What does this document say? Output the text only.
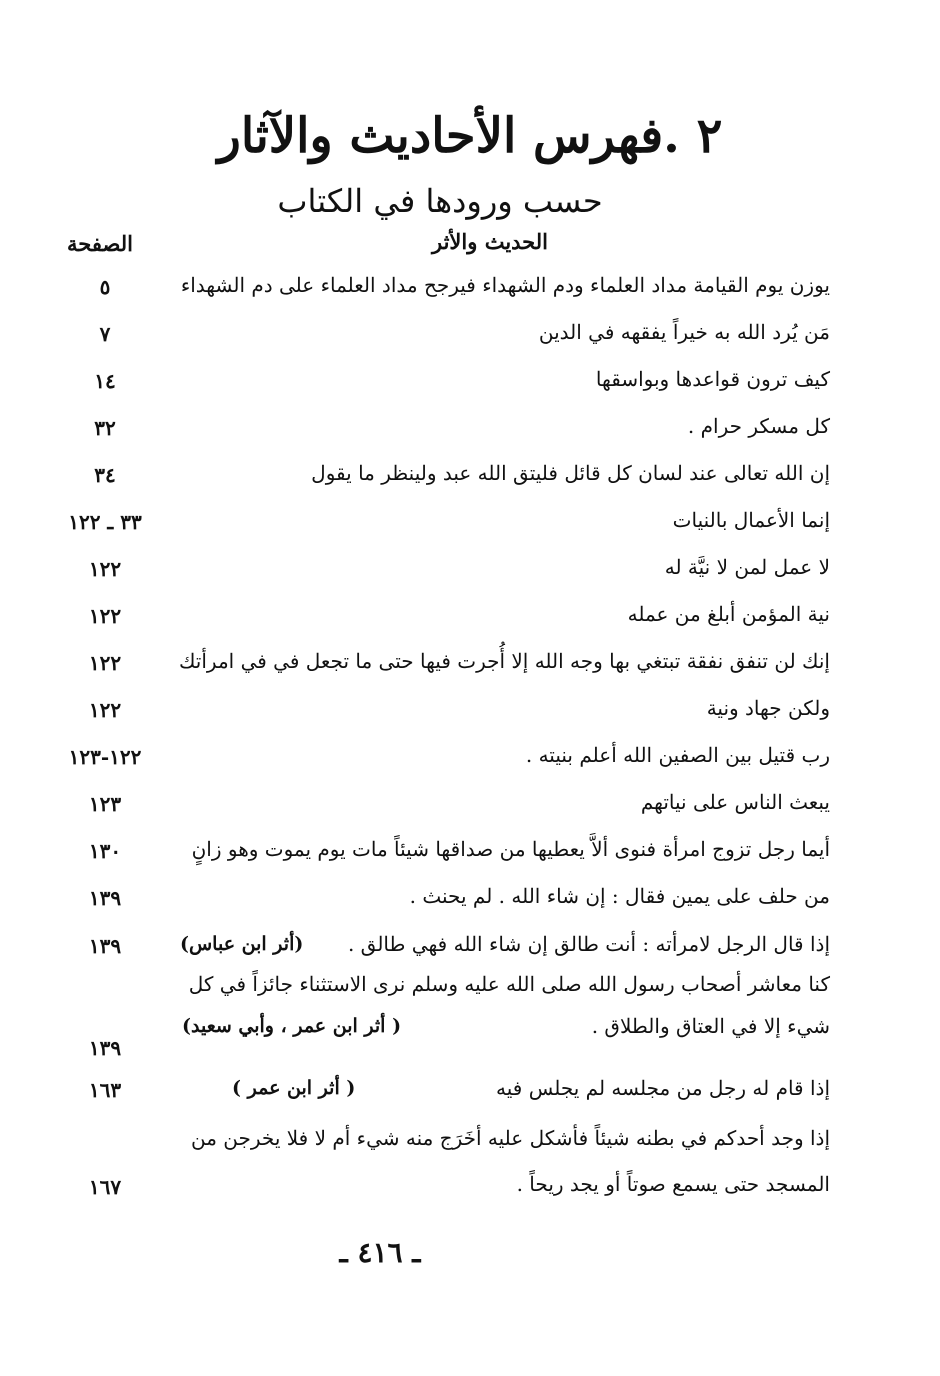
٢ .فهرس الأحاديث والآثار
حسب ورودها في الكتاب
الحديث والأثر
الصفحة
يوزن يوم القيامة مداد العلماء ودم الشهداء فيرجح مداد العلماء على دم الشهداء
٥
مَن يُرد الله به خيراً يفقهه في الدين
٧
كيف ترون قواعدها وبواسقها
١٤
كل مسكر حرام .
٣٢
إن الله تعالى عند لسان كل قائل فليتق الله عبد ولينظر ما يقول
٣٤
إنما الأعمال بالنيات
٣٣ ـ ١٢٢
لا عمل لمن لا نيَّة له
١٢٢
نية المؤمن أبلغ من عمله
١٢٢
إنك لن تنفق نفقة تبتغي بها وجه الله إلا أُجرت فيها حتى ما تجعل في في امرأتك
١٢٢
ولكن جهاد ونية
١٢٢
رب قتيل بين الصفين الله أعلم بنيته .
١٢٢-١٢٣
يبعث الناس على نياتهم
١٢٣
أيما رجل تزوج امرأة فنوى ألاَّ يعطيها من صداقها شيئاً مات يوم يموت وهو زانٍ
١٣٠
من حلف على يمين فقال : إن شاء الله . لم يحنث .
١٣٩
إذا قال الرجل لامرأته : أنت طالق إن شاء الله فهي طالق .
(أثر ابن عباس)
١٣٩
كنا معاشر أصحاب رسول الله صلى الله عليه وسلم نرى الاستثناء جائزاً في كل
شيء إلا في العتاق والطلاق .
( أثر ابن عمر ، وأبي سعيد)
١٣٩
إذا قام له رجل من مجلسه لم يجلس فيه
( أثر ابن عمر )
١٦٣
إذا وجد أحدكم في بطنه شيئاً فأشكل عليه أخَرَج منه شيء أم لا فلا يخرجن من
المسجد حتى يسمع صوتاً أو يجد ريحاً .
١٦٧
ـ ٤١٦ ـ
